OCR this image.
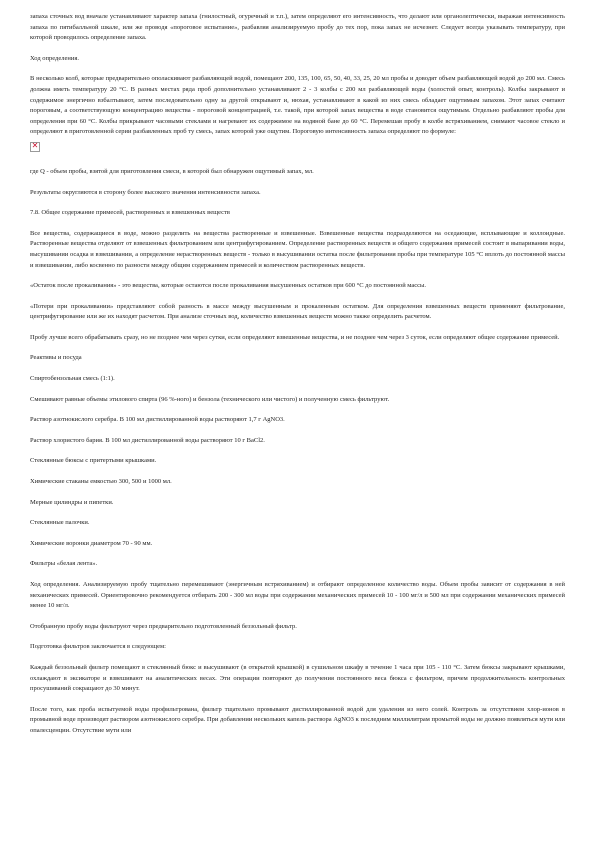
запаха сточных вод вначале устанавливают характер запаха (гнилостный, огуречный и т.п.), затем определяют его интенсивность, что делают или органолептически, выражая интенсивность запаха по пятибалльной шкале, или же проводя «пороговое испытание», разбавляя анализируемую пробу до тех пор, пока запах не исчезнет. Следует всегда указывать температуру, при которой проводилось определение запаха.

Ход определения.

В несколько колб, которые предварительно ополаскивают разбавляющей водой, помещают 200, 135, 100, 65, 50, 40, 33, 25, 20 мл пробы и доводят объем разбавляющей водой до 200 мл. Смесь должна иметь температуру 20 °С. В разных местах ряда проб дополнительно устанавливают 2 - 3 колбы с 200 мл разбавляющей воды (холостой опыт, контроль). Колбы закрывают и содержимое энергично взбалтывают, затем последовательно одну за другой открывают и, нюхая, устанавливают в какой из них смесь обладает ощутимым запахом. Этот запах считают пороговым, а соответствующую концентрацию вещества - пороговой концентрацией, т.е. такой, при которой запах вещества в воде становится ощутимым. Отдельно разбавляют пробы для определения при 60 °С. Колбы прикрывают часовыми стеклами и нагревают их содержимое на водяной бане до 60 °С. Перемешав пробу в колбе встряхиванием, снимают часовое стекло и определяют в приготовленной серии разбавленных проб ту смесь, запах которой уже ощутим. Пороговую интенсивность запаха определяют по формуле:

✕

где Q - объем пробы, взятой для приготовления смеси, в которой был обнаружен ощутимый запах, мл.

Результаты округляются в сторону более высокого значения интенсивности запаха.

7.8. Общее содержание примесей, растворенных и взвешенных веществ

Все вещества, содержащиеся в воде, можно разделить на вещества растворенные и взвешенные. Взвешенные вещества подразделяются на оседающие, всплывающие и коллоидные. Растворенные вещества отделяют от взвешенных фильтрованием или центрифугированием. Определение растворенных веществ и общего содержания примесей состоит в выпаривании воды, высушивании осадка и взвешивании, а определение нерастворенных веществ - только в высушивании остатка после фильтрования пробы при температуре 105 °С вплоть до постоянной массы и взвешивании, либо косвенно по разности между общим содержанием примесей и количеством растворенных веществ.

«Остаток после прокаливания» - это вещества, которые остаются после прокаливания высушенных остатков при 600 °С до постоянной массы.

«Потери при прокаливании» представляют собой разность в массе между высушенным и прокаленным остатком. Для определения взвешенных веществ применяют фильтрование, центрифугирование или же их находят расчетом. При анализе сточных вод, количество взвешенных веществ можно также определить расчетом.

Пробу лучше всего обрабатывать сразу, но не позднее чем через сутки, если определяют взвешенные вещества, и не позднее чем через 3 суток, если определяют общее содержание примесей.

Реактивы и посуда

Спиртобензольная смесь (1:1).

Смешивают равные объемы этилового спирта (96 %-ного) и бензола (технического или чистого) и полученную смесь фильтруют.

Раствор азотнокислого серебра. В 100 мл дистиллированной воды растворяют 1,7 г AgNO3.

Раствор хлористого бария. В 100 мл дистиллированной воды растворяют 10 г BaCl2.

Стеклянные бюксы с притертыми крышками.

Химические стаканы емкостью 300, 500 и 1000 мл.

Мерные цилиндры и пипетки.

Стеклянные палочки.

Химические воронки диаметром 70 - 90 мм.

Фильтры «белая лента».

Ход определения. Анализируемую пробу тщательно перемешивают (энергичным встряхиванием) и отбирают определенное количество воды. Объем пробы зависит от содержания в ней механических примесей. Ориентировочно рекомендуется отбирать 200 - 300 мл воды при содержании механических примесей 10 - 100 мг/л и 500 мл при содержании механических примесей менее 10 мг/л.

Отобранную пробу воды фильтруют через предварительно подготовленный беззольный фильтр.

Подготовка фильтров заключается в следующем:

Каждый беззольный фильтр помещают в стеклянный бюкс и высушивают (в открытой крышкой) в сушильном шкафу в течение 1 часа при 105 - 110 °С. Затем бюксы закрывают крышками, охлаждают в эксикаторе и взвешивают на аналитических весах. Эти операции повторяют до получения постоянного веса бюкса с фильтром, причем продолжительность контрольных просушиваний сокращают до 30 минут.

После того, как проба испытуемой воды профильтрована, фильтр тщательно промывают дистиллированной водой для удаления из него солей. Контроль за отсутствием хлор-ионов в промывной воде производят раствором азотнокислого серебра. При добавлении нескольких капель раствора AgNO3 к последним миллилитрам промытой воды не должно появляться мути или опалесценции. Отсутствие мути или
